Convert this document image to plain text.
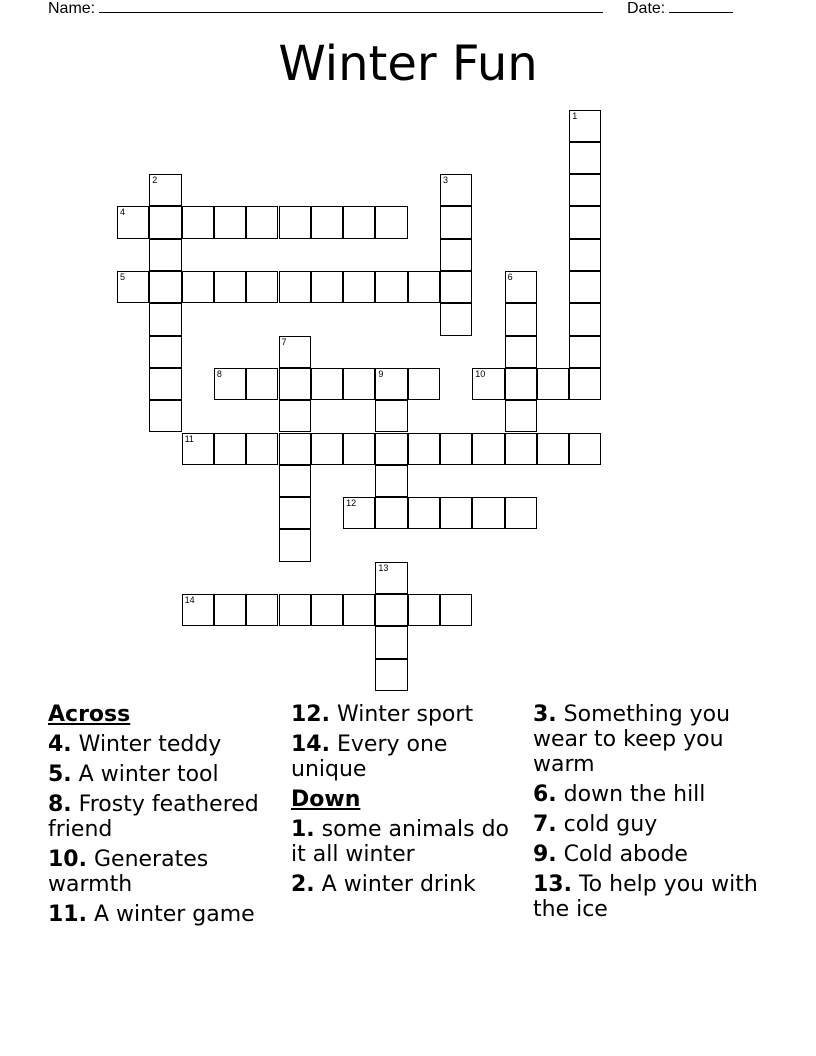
Name:	Date:
Winter Fun
1
2	3
4
5	6
7
8	9	10
11
12
13
14
Across
4. Winter teddy
5. A winter tool
8. Frosty feathered friend
10. Generates warmth
11. A winter game
12. Winter sport
14. Every one unique
Down
1. some animals do it all winter
2. A winter drink
3. Something you wear to keep you warm
6. down the hill
7. cold guy
9. Cold abode
13. To help you with the ice
